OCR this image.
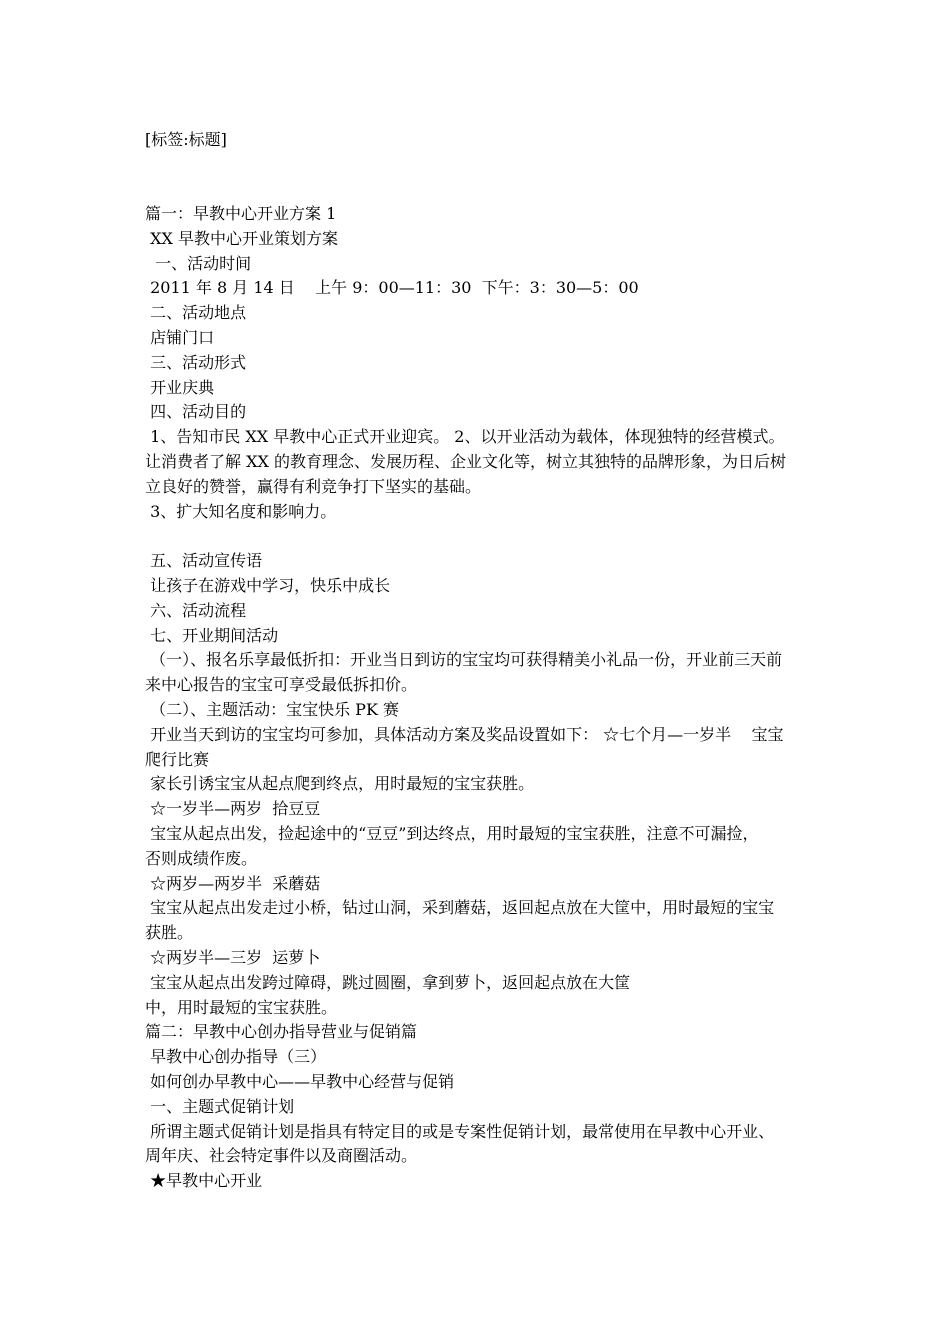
[标签:标题]
篇一：早教中心开业方案 1
XX 早教中心开业策划方案
一、活动时间
2011 年 8 月 14 日    上午 9：00—11：30  下午：3：30—5：00
二、活动地点
店铺门口
三、活动形式
开业庆典
四、活动目的
1、告知市民 XX 早教中心正式开业迎宾。 2、以开业活动为载体，体现独特的经营模式。
让消费者了解 XX 的教育理念、发展历程、企业文化等，树立其独特的品牌形象，为日后树
立良好的赞誉，赢得有利竞争打下坚实的基础。
3、扩大知名度和影响力。
五、活动宣传语
让孩子在游戏中学习，快乐中成长
六、活动流程
七、开业期间活动
（一）、报名乐享最低折扣：开业当日到访的宝宝均可获得精美小礼品一份，开业前三天前
来中心报告的宝宝可享受最低拆扣价。
（二）、主题活动：宝宝快乐 PK 赛
开业当天到访的宝宝均可参加，具体活动方案及奖品设置如下： ☆七个月—一岁半    宝宝
爬行比赛
家长引诱宝宝从起点爬到终点，用时最短的宝宝获胜。
☆一岁半—两岁  拾豆豆
宝宝从起点出发，捡起途中的“豆豆”到达终点，用时最短的宝宝获胜，注意不可漏捡，
否则成绩作废。
☆两岁—两岁半  采蘑菇
宝宝从起点出发走过小桥，钻过山洞，采到蘑菇，返回起点放在大筐中，用时最短的宝宝
获胜。
☆两岁半—三岁  运萝卜
宝宝从起点出发跨过障碍，跳过圆圈，拿到萝卜，返回起点放在大筐
中，用时最短的宝宝获胜。
篇二：早教中心创办指导营业与促销篇
早教中心创办指导（三）
如何创办早教中心——早教中心经营与促销
一、主题式促销计划
所谓主题式促销计划是指具有特定目的或是专案性促销计划，最常使用在早教中心开业、
周年庆、社会特定事件以及商圈活动。
★早教中心开业
